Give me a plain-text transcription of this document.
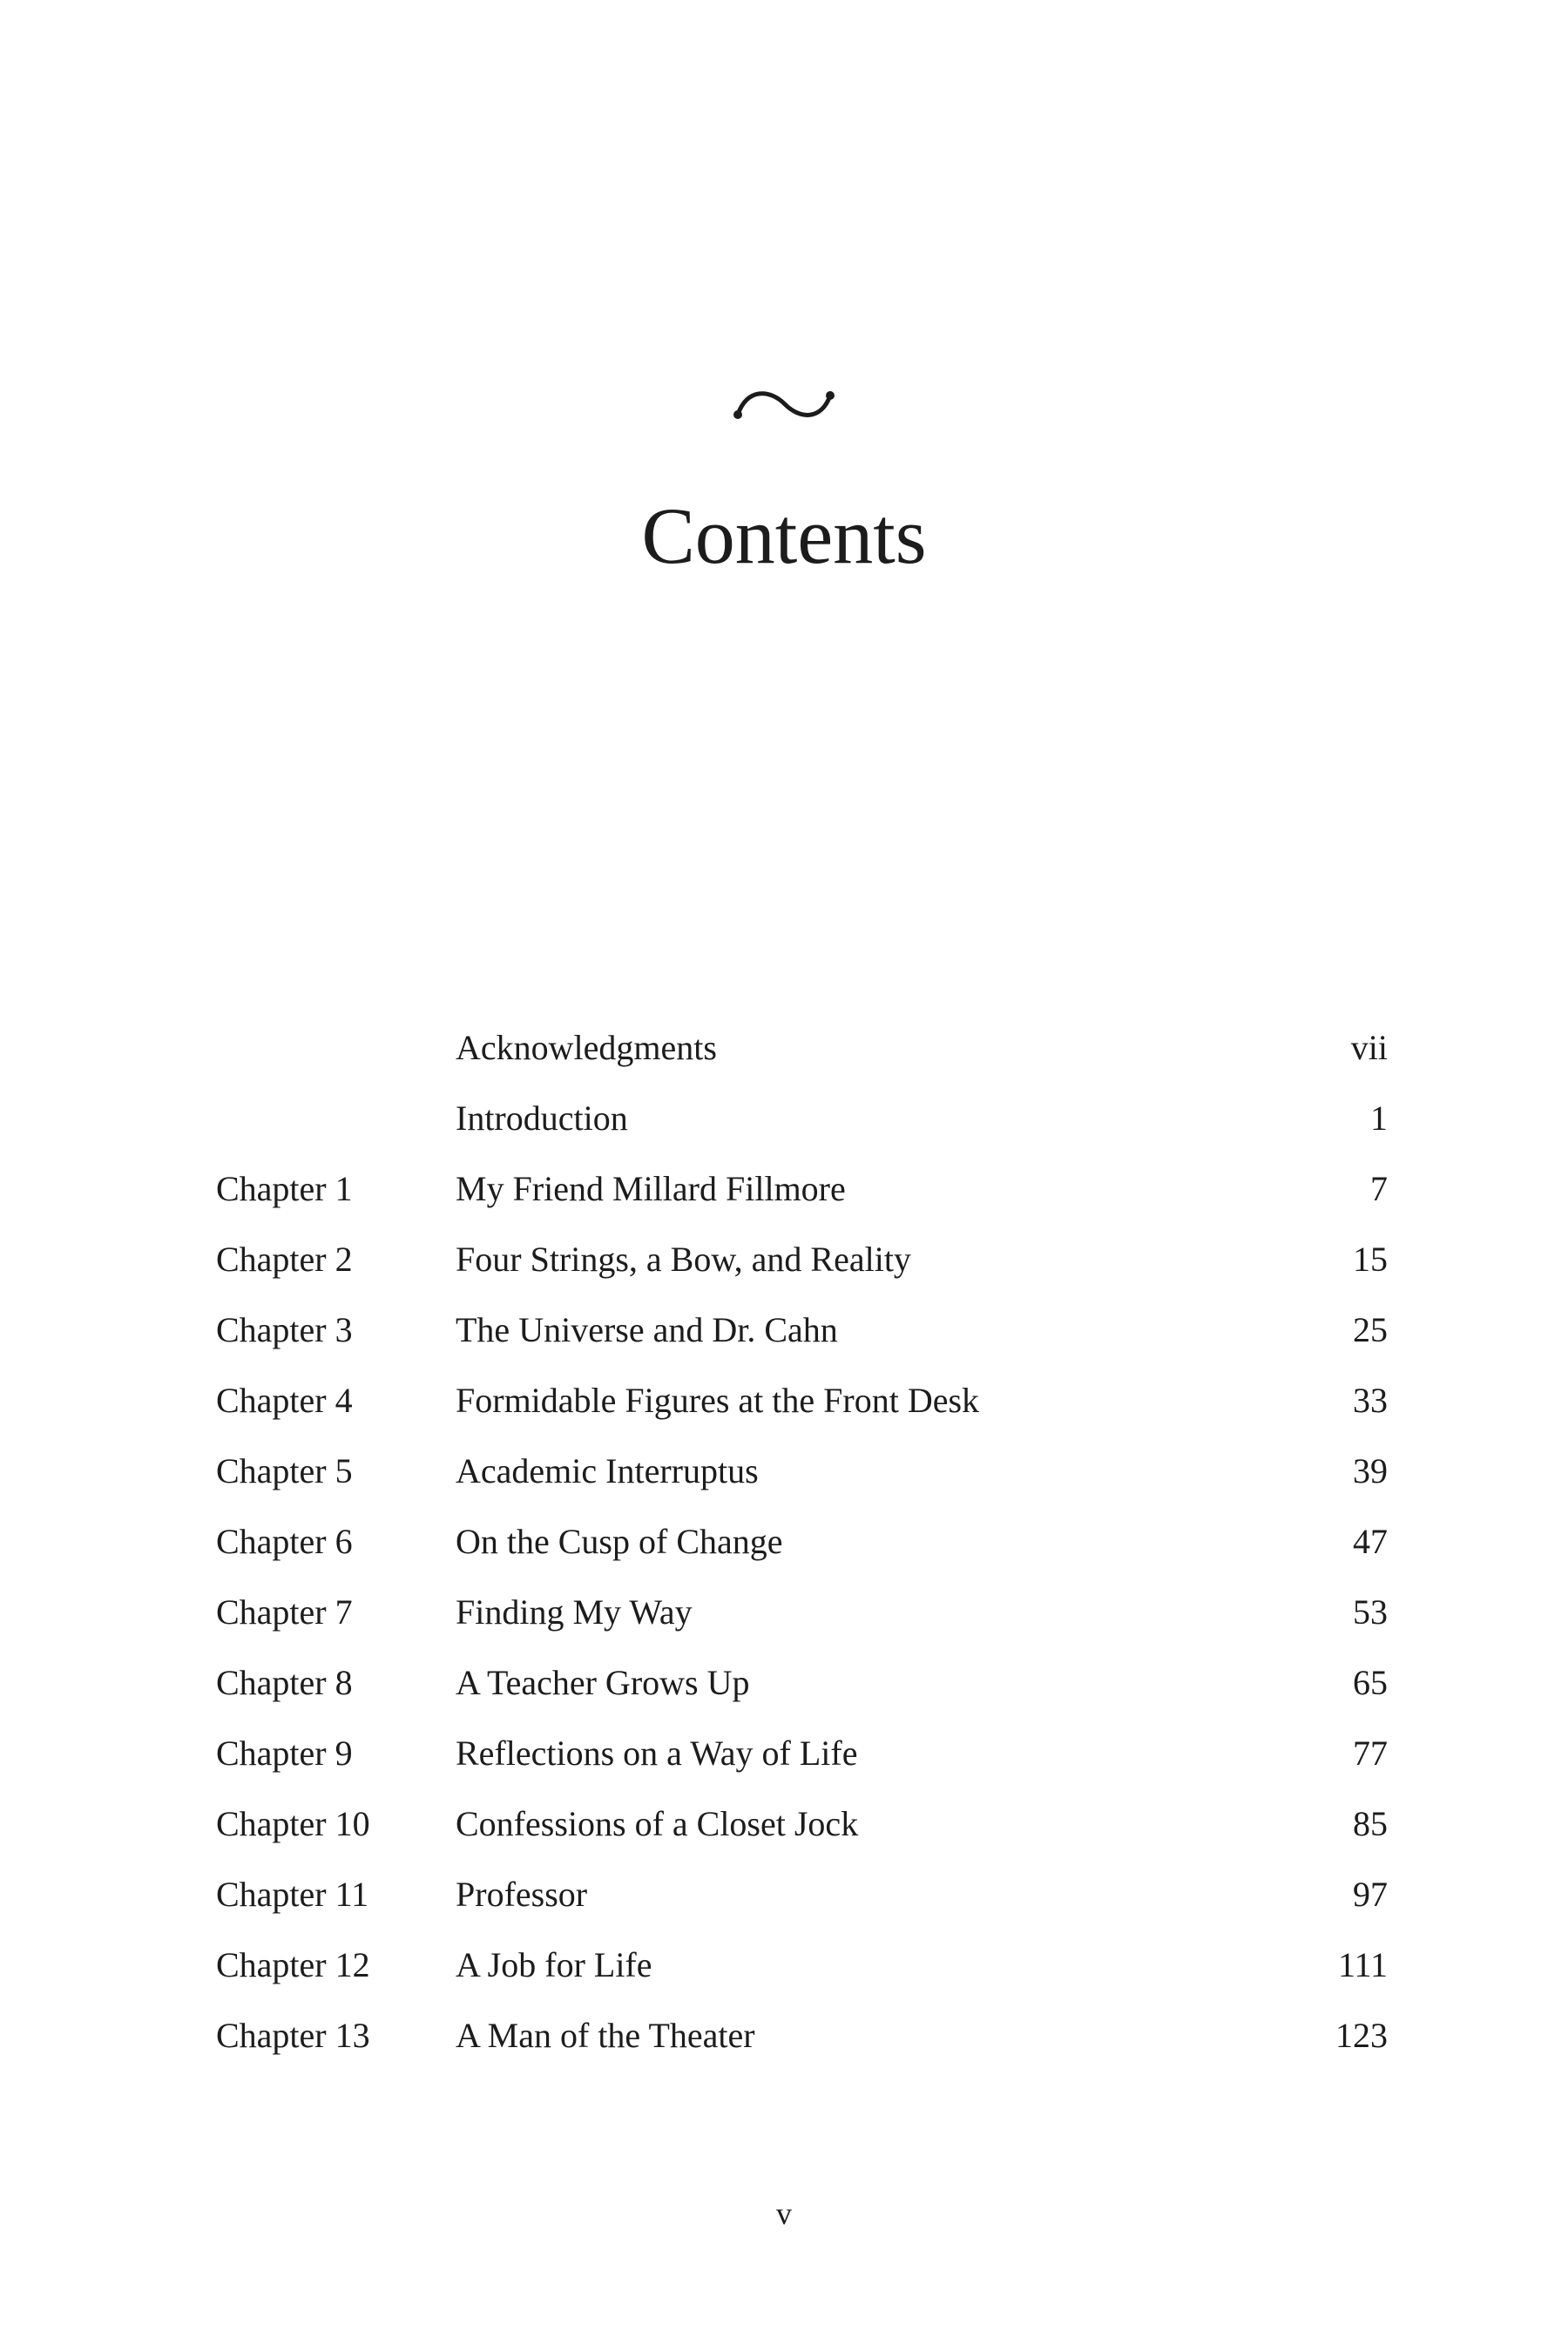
Contents
Acknowledgments	vii
Introduction	1
Chapter 1	My Friend Millard Fillmore	7
Chapter 2	Four Strings, a Bow, and Reality	15
Chapter 3	The Universe and Dr. Cahn	25
Chapter 4	Formidable Figures at the Front Desk	33
Chapter 5	Academic Interruptus	39
Chapter 6	On the Cusp of Change	47
Chapter 7	Finding My Way	53
Chapter 8	A Teacher Grows Up	65
Chapter 9	Reflections on a Way of Life	77
Chapter 10 Confessions of a Closet Jock	85
Chapter 11 Professor	97
Chapter 12 A Job for Life	111
Chapter 13 A Man of the Theater	123
v
